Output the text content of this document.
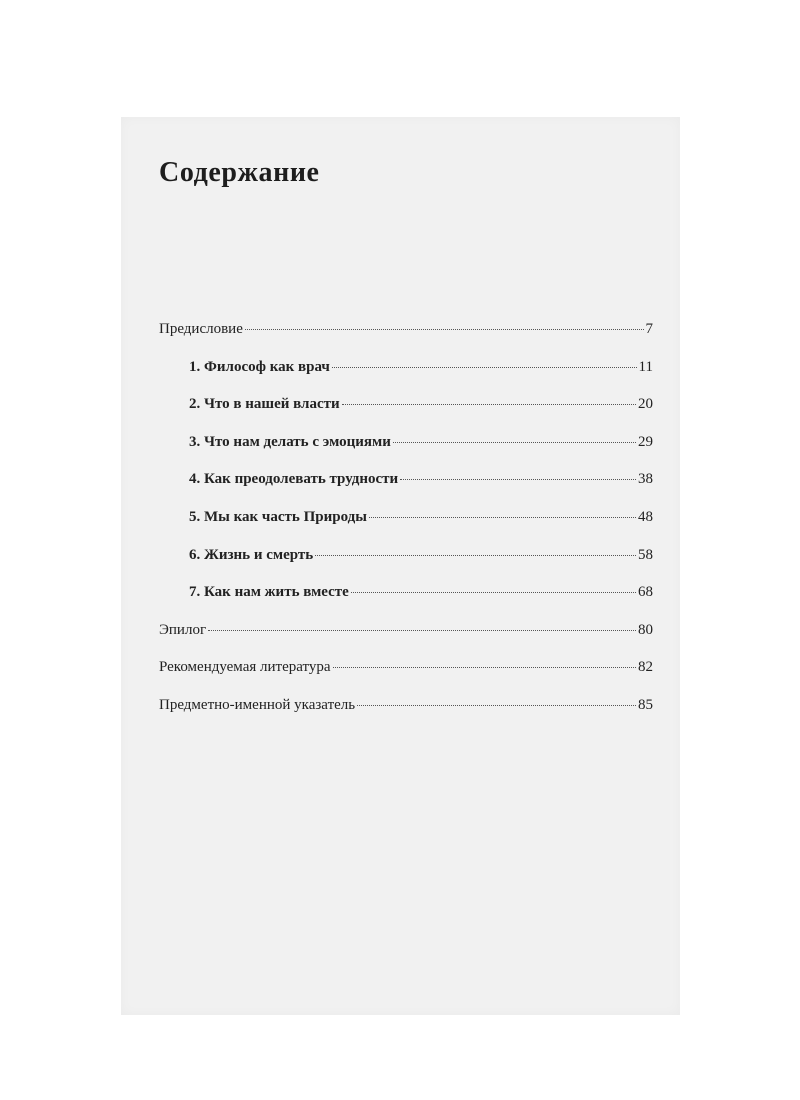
Содержание
Предисловие	7
1. Философ как врач	11
2. Что в нашей власти	20
3. Что нам делать с эмоциями	29
4. Как преодолевать трудности	38
5. Мы как часть Природы	48
6. Жизнь и смерть	58
7. Как нам жить вместе	68
Эпилог	80
Рекомендуемая литература	82
Предметно-именной указатель	85
